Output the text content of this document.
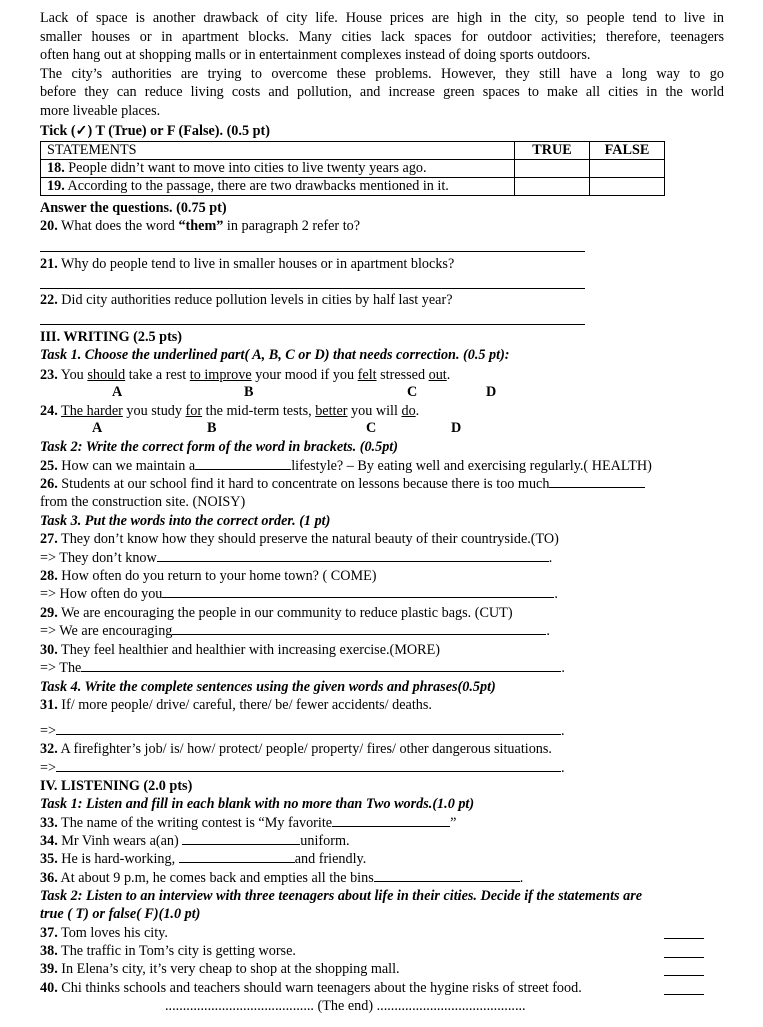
Lack of space is another drawback of city life. House prices are high in the city, so people tend to live in
smaller houses or in apartment blocks. Many cities lack spaces for outdoor activities; therefore, teenagers
often hang out at shopping malls or in entertainment complexes instead of doing sports outdoors.
The city’s authorities are trying to overcome these problems. However, they still have a long way to go
before they can reduce living costs and pollution, and increase green spaces to make all cities in the world
more liveable places.
Tick (✓) T (True) or F (False). (0.5 pt)
STATEMENTS	TRUE	FALSE
18. People didn’t want to move into cities to live twenty years ago.		
19. According to the passage, there are two drawbacks mentioned in it.		
Answer the questions. (0.75 pt)
20. What does the word “them” in paragraph 2 refer to?
21. Why do people tend to live in smaller houses or in apartment blocks?
22. Did city authorities reduce pollution levels in cities by half last year?
III. WRITING (2.5 pts)
Task 1. Choose the underlined part( A, B, C or D) that needs correction. (0.5 pt):
23. You should take a rest to improve your mood if you felt stressed out.
A	B	C	D
24. The harder you study for the mid-term tests, better you will do.
A	B	C	D
Task 2: Write the correct form of the word in brackets. (0.5pt)
25. How can we maintain a	lifestyle? – By eating well and exercising regularly.( HEALTH)
26. Students at our school find it hard to concentrate on lessons because there is too much
from the construction site. (NOISY)
Task 3. Put the words into the correct order. (1 pt)
27. They don’t know how they should preserve the natural beauty of their countryside.(TO)
=> They don’t know	.
28. How often do you return to your home town? ( COME)
=> How often do you	.
29. We are encouraging the people in our community to reduce plastic bags. (CUT)
=> We are encouraging	.
30. They feel healthier and healthier with increasing exercise.(MORE)
=> The	.
Task 4. Write the complete sentences using the given words and phrases(0.5pt)
31. If/ more people/ drive/ careful, there/ be/ fewer accidents/ deaths.
=>	.
32. A firefighter’s job/ is/ how/ protect/ people/ property/ fires/ other dangerous situations.
=>	.
IV. LISTENING (2.0 pts)
Task 1: Listen and fill in each blank with no more than Two words.(1.0 pt)
33. The name of the writing contest is “My favorite	”
34. Mr Vinh wears a(an)	uniform.
35. He is hard-working,	and friendly.
36. At about 9 p.m, he comes back and empties all the bins	.
Task 2: Listen to an interview with three teenagers about life in their cities. Decide if the statements are
true ( T) or false( F)(1.0 pt)
37. Tom loves his city.
38. The traffic in Tom’s city is getting worse.
39. In Elena’s city, it’s very cheap to shop at the shopping mall.
40. Chi thinks schools and teachers should warn teenagers about the hygine risks of street food.
.......................................... (The end) ..........................................
